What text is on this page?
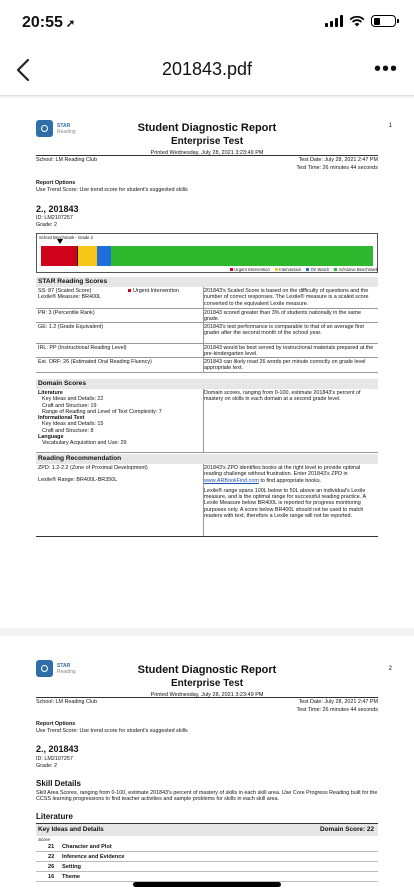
20:55 ➚
201843.pdf	•••
STAR
Reading	Student Diagnostic Report
Enterprise Test
Printed Wednesday, July 28, 2021 3:23:49 PM
1
School: LM Reading Club	Test Date: July 28, 2021 2:47 PM
Test Time: 26 minutes 44 seconds
Report Options
Use Trend Score: Use trend score for student's suggested skills
2., 201843
ID: LM2107257
Grade: 2
School Benchmark - Grade 2
Urgent Intervention	Intervention	On Watch	At/Above Benchmark
STAR Reading Scores
SS: 87 (Scaled Score)
Lexile® Measure: BR400L
Urgent Intervention	201843's Scaled Score is based on the difficulty of questions and the number of correct responses. The Lexile® measure is a scaled score converted to the equivalent Lexile measure.
PR: 3 (Percentile Rank)	201843 scored greater than 3% of students nationally in the same grade.
GE: 1.2 (Grade Equivalent)	201843's test performance is comparable to that of an average first grader after the second month of the school year.
IRL: PP (Instructional Reading Level)	201843 would be best served by instructional materials prepared at the pre-kindergarten level.
Est. ORF: 26 (Estimated Oral Reading Fluency)	201843 can likely read 26 words per minute correctly on grade level appropriate text.
Domain Scores
Literature
Key Ideas and Details: 22
Craft and Structure: 19
Range of Reading and Level of Text Complexity: 7
Informational Text
Key Ideas and Details: 15
Craft and Structure: 8
Language
Vocabulary Acquisition and Use: 29
Domain scores, ranging from 0-100, estimate 201843's percent of mastery on skills in each domain at a second grade level.
Reading Recommendation
ZPD: 1.2-2.2 (Zone of Proximal Development)
Lexile® Range: BR400L-BR350L
201843's ZPD identifies books at the right level to provide optimal reading challenge without frustration. Enter 201843's ZPD in www.ARBookFind.com to find appropriate books.
Lexile® range spans 100L below to 50L above an individual's Lexile measure, and is the optimal range for successful reading practice. A Lexile Measure below BR400L is reported for progress monitoring purposes only. A score below BR400L should not be used to match readers with text, therefore a Lexile range will not be reported.
STAR
Reading	Student Diagnostic Report
Enterprise Test
Printed Wednesday, July 28, 2021 3:23:49 PM
2
School: LM Reading Club	Test Date: July 28, 2021 2:47 PM
Test Time: 26 minutes 44 seconds
Report Options
Use Trend Score: Use trend score for student's suggested skills
2., 201843
ID: LM2107257
Grade: 2
Skill Details
Skill Area Scores, ranging from 0-100, estimate 201843's percent of mastery of skills in each skill area. Use Core Progress Reading built for the CCSS learning progressions to find teacher activities and sample problems for skills in each skill area.
Literature
Key Ideas and Details	Domain Score: 22
Score
21 Character and Plot
22 Inference and Evidence
26 Setting
16 Theme
